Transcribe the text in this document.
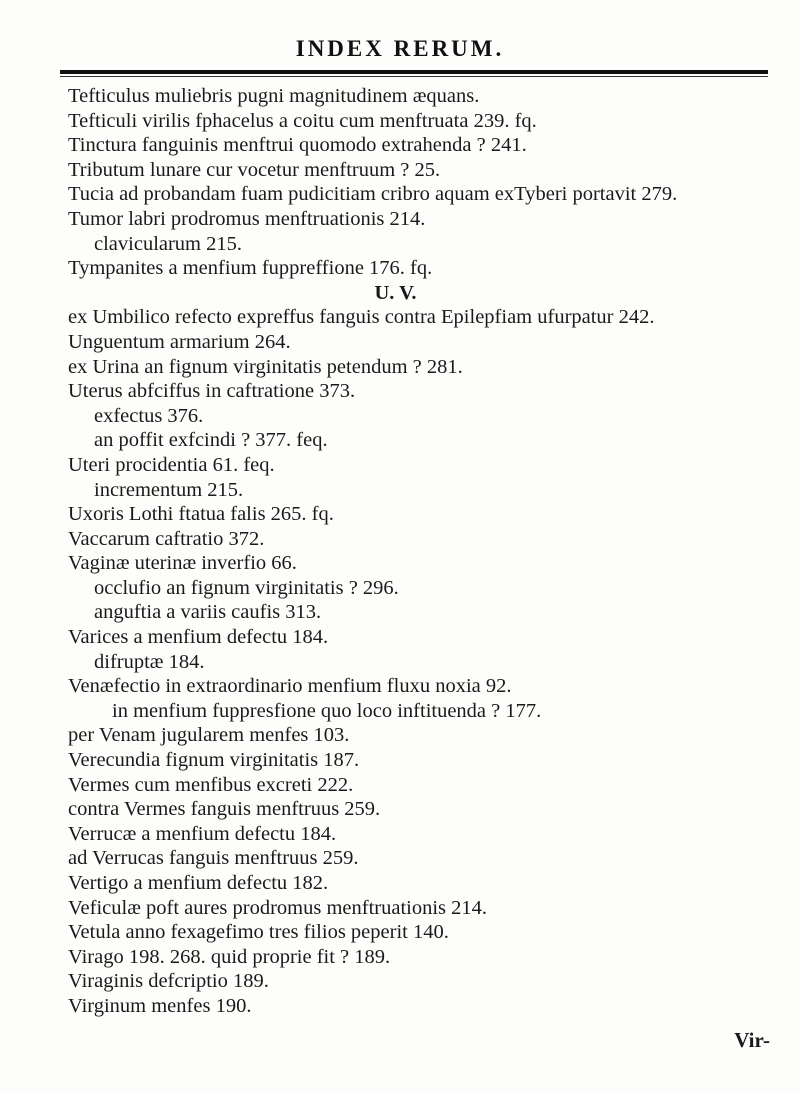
INDEX RERUM.
Tefticulus muliebris pugni magnitudinem æquans.
Tefticuli virilis fphacelus a coitu cum menftruata 239. fq.
Tinctura fanguinis menftrui quomodo extrahenda ? 241.
Tributum lunare cur vocetur menftruum ? 25.
Tucia ad probandam fuam pudicitiam cribro aquam exTyberi portavit 279.
Tumor labri prodromus menftruationis 214.
clavicularum 215.
Tympanites a menfium fuppreffione 176. fq.
U. V.
ex Umbilico refecto expreffus fanguis contra Epilepfiam ufurpatur 242.
Unguentum armarium 264.
ex Urina an fignum virginitatis petendum ? 281.
Uterus abfciffus in caftratione 373.
exfectus 376.
an poffit exfcindi ? 377. feq.
Uteri procidentia 61. feq.
incrementum 215.
Uxoris Lothi ftatua falis 265. fq.
Vaccarum caftratio 372.
Vaginæ uterinæ inverfio 66.
occlufio an fignum virginitatis ? 296.
anguftia a variis caufis 313.
Varices a menfium defectu 184.
difruptæ 184.
Venæfectio in extraordinario menfium fluxu noxia 92.
in menfium fuppresfione quo loco inftituenda ? 177.
per Venam jugularem menfes 103.
Verecundia fignum virginitatis 187.
Vermes cum menfibus excreti 222.
contra Vermes fanguis menftruus 259.
Verrucæ a menfium defectu 184.
ad Verrucas fanguis menftruus 259.
Vertigo a menfium defectu 182.
Veficulæ poft aures prodromus menftruationis 214.
Vetula anno fexagefimo tres filios peperit 140.
Virago 198. 268. quid proprie fit ? 189.
Viraginis defcriptio 189.
Virginum menfes 190.
Vir-
